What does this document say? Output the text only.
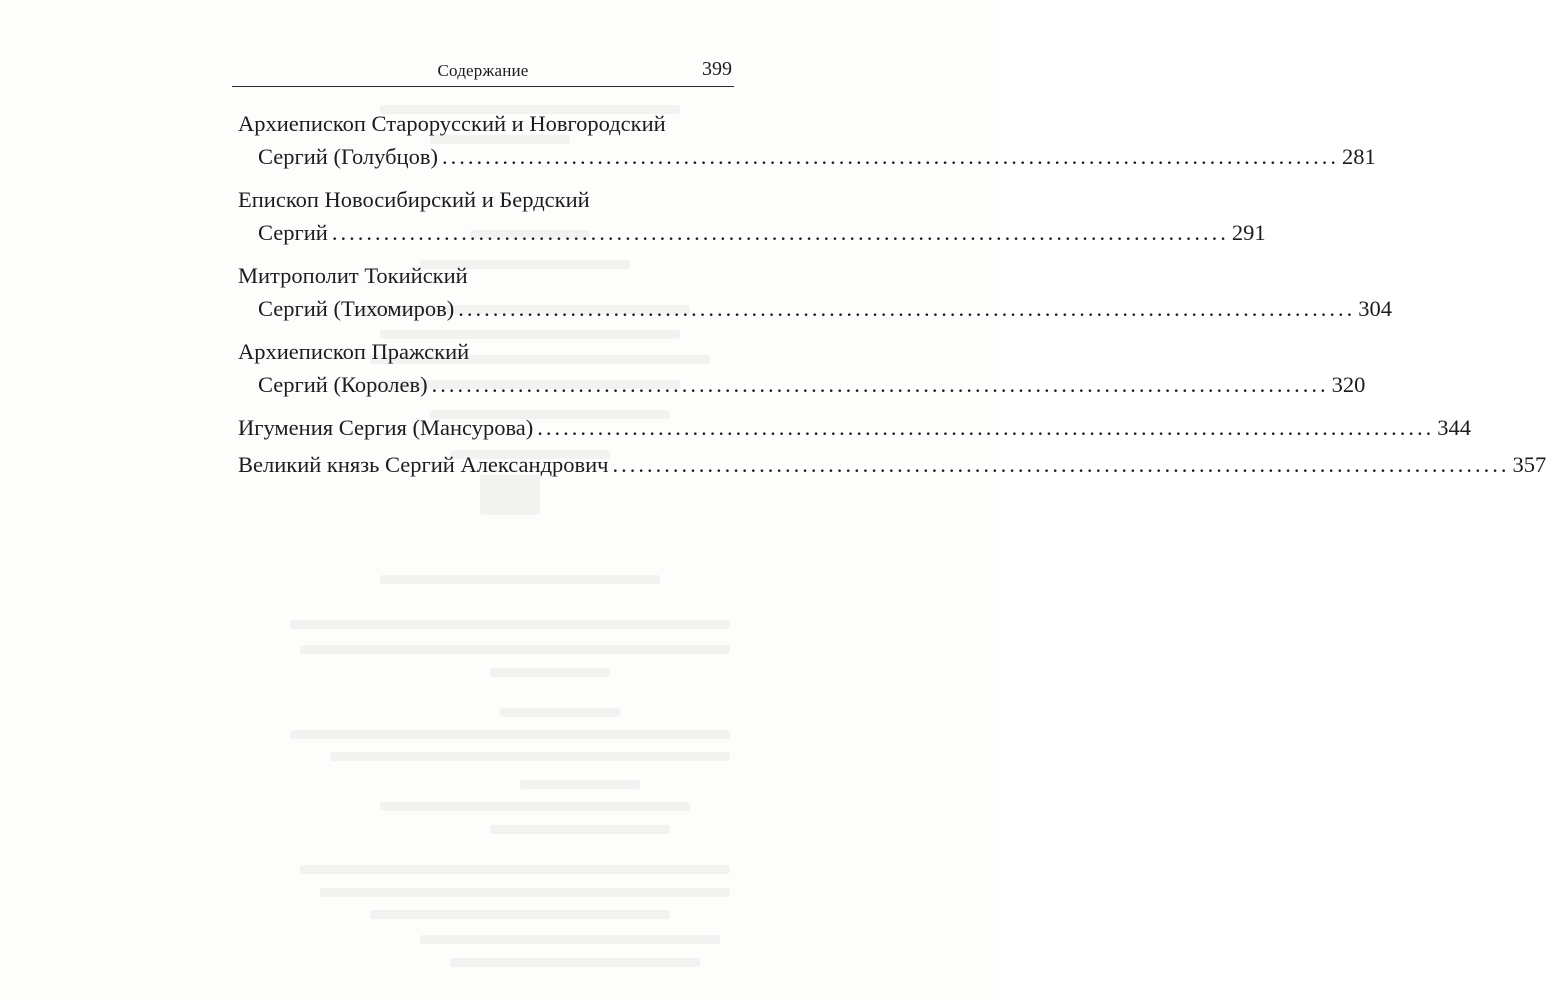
Содержание	399
Архиепископ Старорусский и Новгородский
Сергий (Голубцов) ........................................................................................................ 281
Епископ Новосибирский и Бердский
Сергий ........................................................................................................ 291
Митрополит Токийский
Сергий (Тихомиров) ........................................................................................................ 304
Архиепископ Пражский
Сергий (Королев) ........................................................................................................ 320
Игумения Сергия (Мансурова) ........................................................................................................ 344
Великий князь Сергий Александрович ........................................................................................................ 357
